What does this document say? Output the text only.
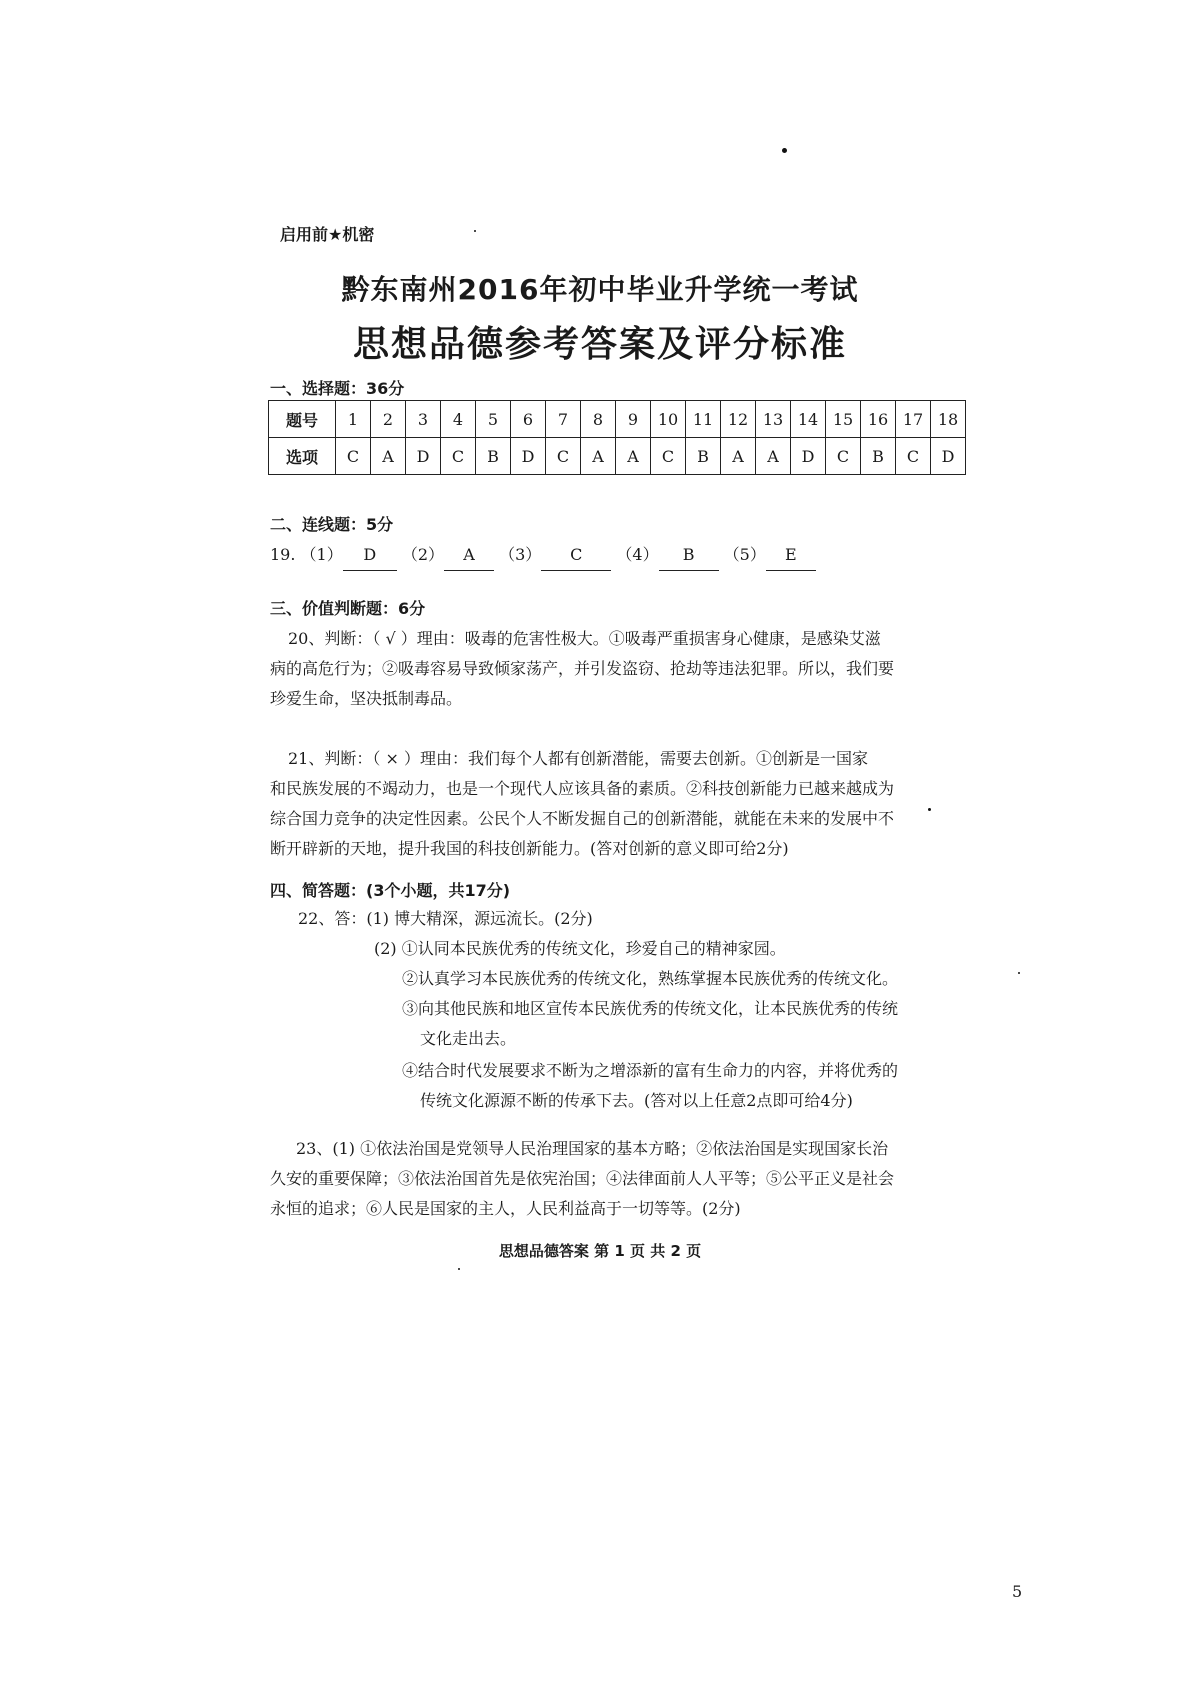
启用前★机密
黔东南州2016年初中毕业升学统一考试
思想品德参考答案及评分标准
一、选择题：36分
题号	1	2	3	4	5	6	7	8	9	10	11	12	13	14	15	16	17	18
选项	C	A	D	C	B	D	C	A	A	C	B	A	A	D	C	B	C	D
二、连线题：5分
19. （1） D （2） A （3） C （4） B （5） E
三、价值判断题：6分
20、判断：（ √ ）理由：吸毒的危害性极大。①吸毒严重损害身心健康，是感染艾滋
病的高危行为；②吸毒容易导致倾家荡产，并引发盗窃、抢劫等违法犯罪。所以，我们要
珍爱生命，坚决抵制毒品。
21、判断：（ × ）理由：我们每个人都有创新潜能，需要去创新。①创新是一国家
和民族发展的不竭动力，也是一个现代人应该具备的素质。②科技创新能力已越来越成为
综合国力竞争的决定性因素。公民个人不断发掘自己的创新潜能，就能在未来的发展中不
断开辟新的天地，提升我国的科技创新能力。(答对创新的意义即可给2分)
四、简答题：(3个小题，共17分)
22、答：(1) 博大精深，源远流长。(2分)
(2) ①认同本民族优秀的传统文化，珍爱自己的精神家园。
②认真学习本民族优秀的传统文化，熟练掌握本民族优秀的传统文化。
③向其他民族和地区宣传本民族优秀的传统文化，让本民族优秀的传统
文化走出去。
④结合时代发展要求不断为之增添新的富有生命力的内容，并将优秀的
传统文化源源不断的传承下去。(答对以上任意2点即可给4分)
23、(1) ①依法治国是党领导人民治理国家的基本方略；②依法治国是实现国家长治
久安的重要保障；③依法治国首先是依宪治国；④法律面前人人平等；⑤公平正义是社会
永恒的追求；⑥人民是国家的主人，人民利益高于一切等等。(2分)
思想品德答案 第 1 页 共 2 页
5
